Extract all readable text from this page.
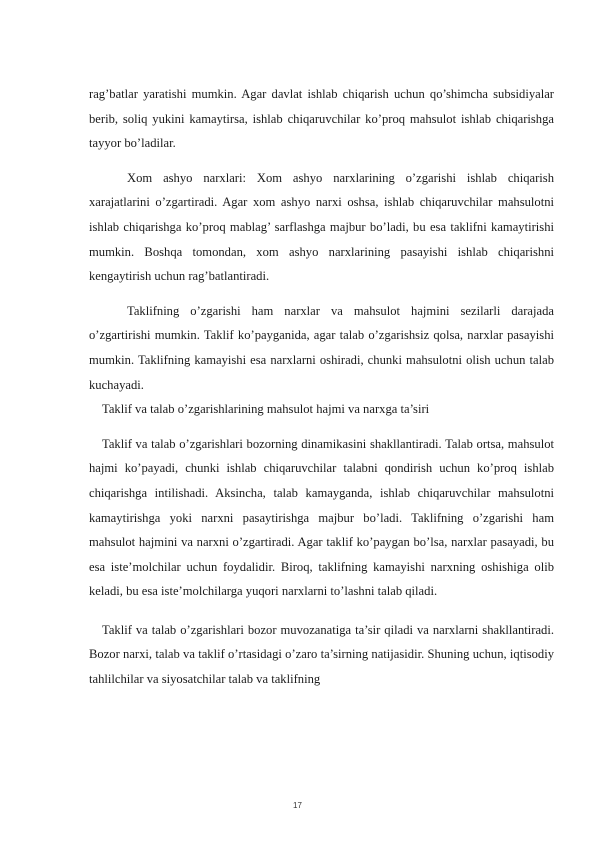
rag’batlar yaratishi mumkin. Agar davlat ishlab chiqarish uchun qo’shimcha subsidiyalar berib, soliq yukini kamaytirsa, ishlab chiqaruvchilar ko’proq mahsulot ishlab chiqarishga tayyor bo’ladilar.

Xom ashyo narxlari: Xom ashyo narxlarining o’zgarishi ishlab chiqarish xarajatlarini o’zgartiradi. Agar xom ashyo narxi oshsa, ishlab chiqaruvchilar mahsulotni ishlab chiqarishga ko’proq mablag’ sarflashga majbur bo’ladi, bu esa taklifni kamaytirishi mumkin. Boshqa tomondan, xom ashyo narxlarining pasayishi ishlab chiqarishni kengaytirish uchun rag’batlantiradi.

Taklifning o’zgarishi ham narxlar va mahsulot hajmini sezilarli darajada o’zgartirishi mumkin. Taklif ko’payganida, agar talab o’zgarishsiz qolsa, narxlar pasayishi mumkin. Taklifning kamayishi esa narxlarni oshiradi, chunki mahsulotni olish uchun talab kuchayadi.

Taklif va talab o’zgarishlarining mahsulot hajmi va narxga ta’siri

Taklif va talab o’zgarishlari bozorning dinamikasini shakllantiradi. Talab ortsa, mahsulot hajmi ko’payadi, chunki ishlab chiqaruvchilar talabni qondirish uchun ko’proq ishlab chiqarishga intilishadi. Aksincha, talab kamayganda, ishlab chiqaruvchilar mahsulotni kamaytirishga yoki narxni pasaytirishga majbur bo’ladi. Taklifning o’zgarishi ham mahsulot hajmini va narxni o’zgartiradi. Agar taklif ko’paygan bo’lsa, narxlar pasayadi, bu esa iste’molchilar uchun foydalidir. Biroq, taklifning kamayishi narxning oshishiga olib keladi, bu esa iste’molchilarga yuqori narxlarni to’lashni talab qiladi.

Taklif va talab o’zgarishlari bozor muvozanatiga ta’sir qiladi va narxlarni shakllantiradi. Bozor narxi, talab va taklif o’rtasidagi o’zaro ta’sirning natijasidir. Shuning uchun, iqtisodiy tahlilchilar va siyosatchilar talab va taklifning

17
